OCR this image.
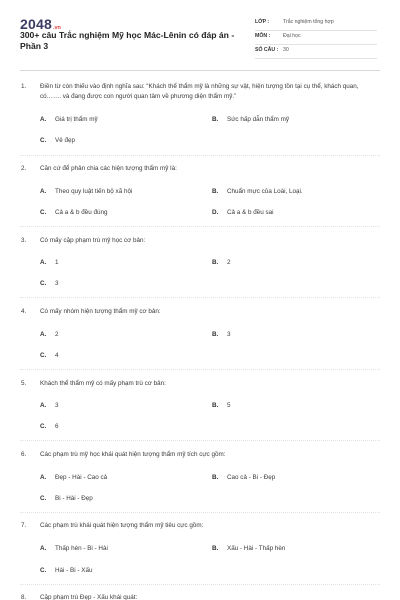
2048 .vn
300+ câu Trắc nghiệm Mỹ học Mác-Lênin có đáp án - Phần 3
LỚP :	Trắc nghiệm tổng hợp
MÔN : Đại học
SỐ CÂU : 30
1. Điền từ còn thiếu vào định nghĩa sau: “Khách thể thẩm mỹ là những sự vật, hiện tượng tồn tại cụ thể, khách quan, có……. và đang được con người quan tâm về phương diện thẩm mỹ.”
A. Giá trị thẩm mỹ	B. Sức hấp dẫn thẩm mỹ
C. Vẻ đẹp
2. Căn cứ để phân chia các hiện tượng thẩm mỹ là:
A. Theo quy luật tiến bộ xã hội	B. Chuẩn mực của Loài, Loại.
C. Cả a & b đều đúng	D. Cả a & b đều sai
3. Có mấy cặp phạm trù mỹ học cơ bản:
A. 1	B. 2
C. 3
4. Có mấy nhóm hiện tượng thẩm mỹ cơ bản:
A. 2	B. 3
C. 4
5. Khách thể thẩm mỹ có mấy phạm trù cơ bản:
A. 3	B. 5
C. 6
6. Các phạm trù mỹ học khái quát hiện tượng thẩm mỹ tích cực gồm:
A. Đẹp - Hài - Cao cả	B. Cao cả - Bi - Đẹp
C. Bi - Hài - Đẹp
7. Các phạm trù khái quát hiện tượng thẩm mỹ tiêu cực gồm:
A. Thấp hèn - Bi - Hài	B. Xấu - Hài - Thấp hèn
C. Hài - Bi - Xấu
8. Cặp phạm trù Đẹp - Xấu khái quát:
